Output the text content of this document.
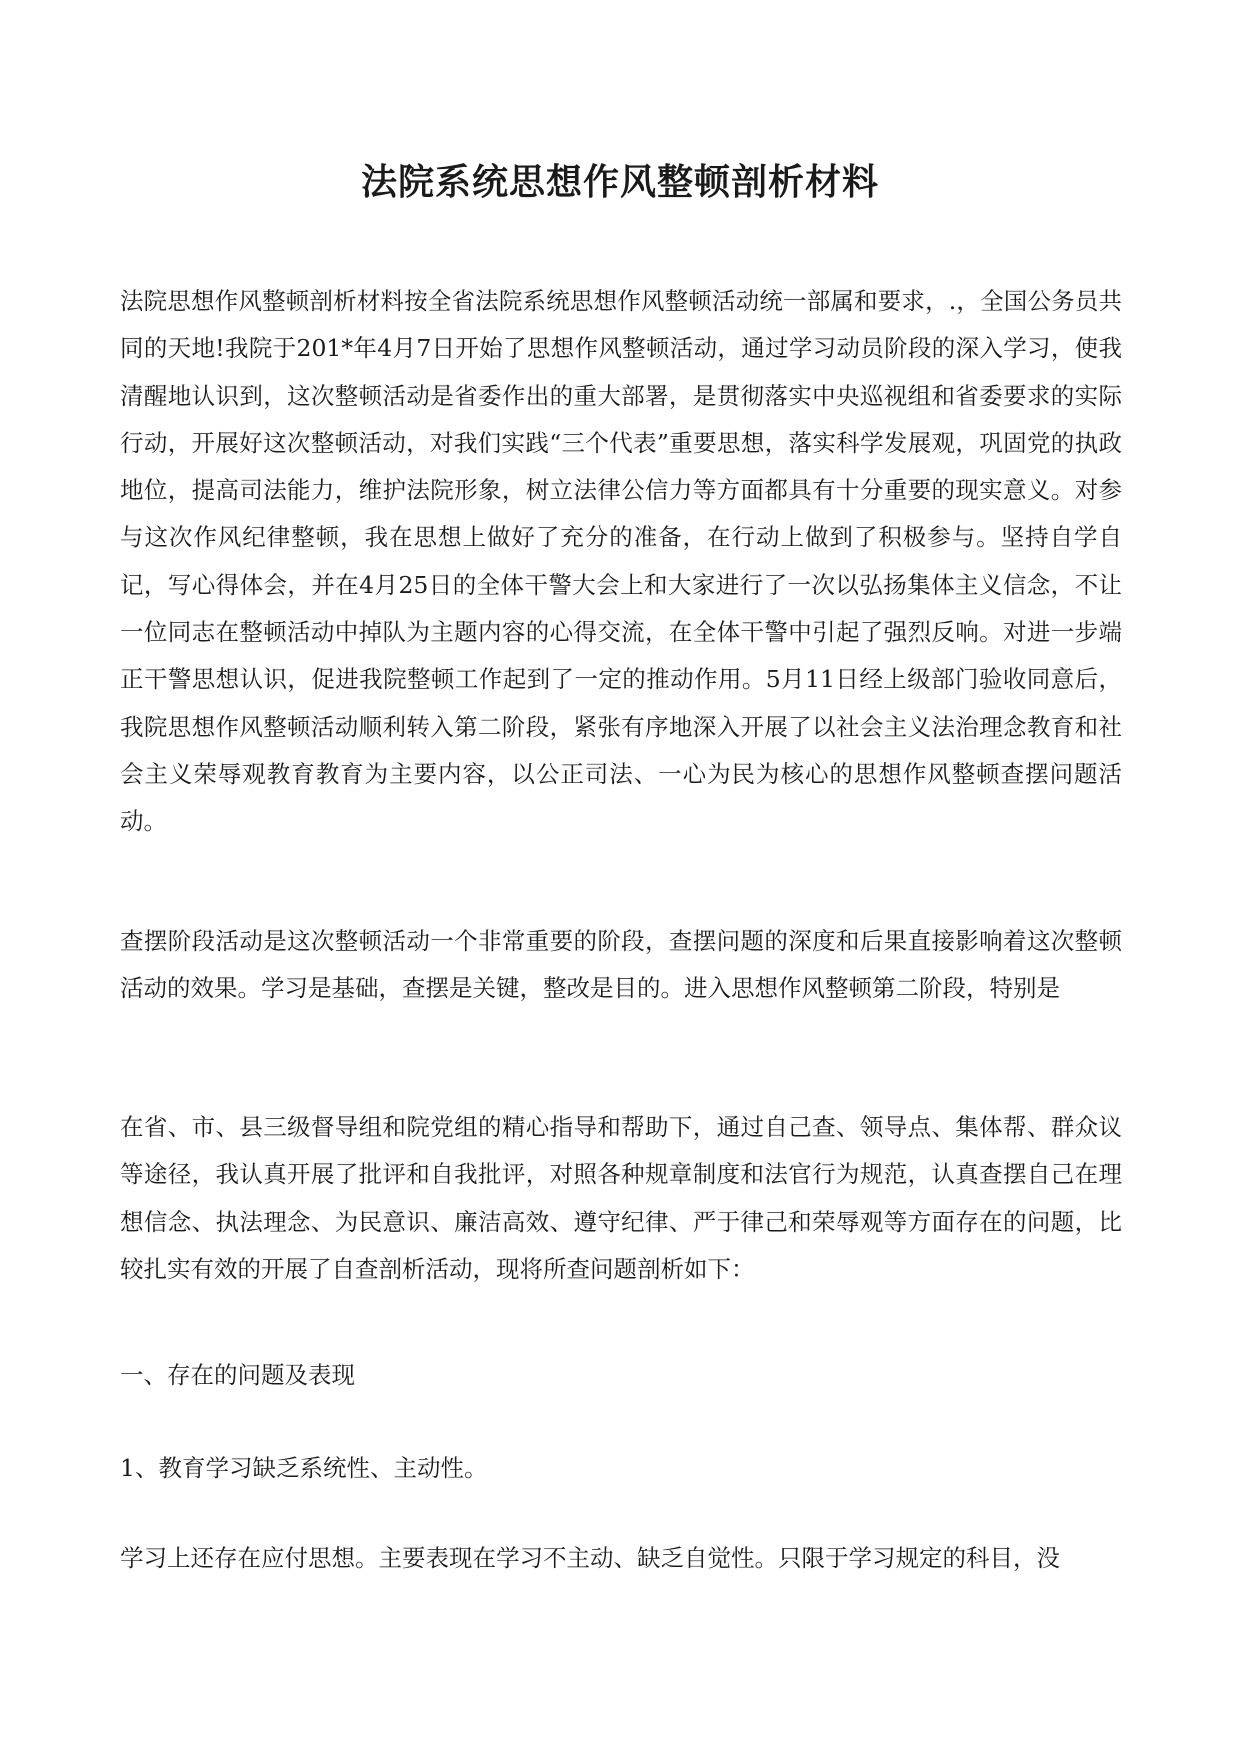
法院系统思想作风整顿剖析材料

法院思想作风整顿剖析材料按全省法院系统思想作风整顿活动统一部属和要求，.，全国公务员共同的天地!我院于201*年4月7日开始了思想作风整顿活动，通过学习动员阶段的深入学习，使我清醒地认识到，这次整顿活动是省委作出的重大部署，是贯彻落实中央巡视组和省委要求的实际行动，开展好这次整顿活动，对我们实践“三个代表”重要思想，落实科学发展观，巩固党的执政地位，提高司法能力，维护法院形象，树立法律公信力等方面都具有十分重要的现实意义。对参与这次作风纪律整顿，我在思想上做好了充分的准备，在行动上做到了积极参与。坚持自学自记，写心得体会，并在4月25日的全体干警大会上和大家进行了一次以弘扬集体主义信念，不让一位同志在整顿活动中掉队为主题内容的心得交流，在全体干警中引起了强烈反响。对进一步端正干警思想认识，促进我院整顿工作起到了一定的推动作用。5月11日经上级部门验收同意后，我院思想作风整顿活动顺利转入第二阶段，紧张有序地深入开展了以社会主义法治理念教育和社会主义荣辱观教育教育为主要内容，以公正司法、一心为民为核心的思想作风整顿查摆问题活动。

查摆阶段活动是这次整顿活动一个非常重要的阶段，查摆问题的深度和后果直接影响着这次整顿活动的效果。学习是基础，查摆是关键，整改是目的。进入思想作风整顿第二阶段，特别是

在省、市、县三级督导组和院党组的精心指导和帮助下，通过自己查、领导点、集体帮、群众议等途径，我认真开展了批评和自我批评，对照各种规章制度和法官行为规范，认真查摆自己在理想信念、执法理念、为民意识、廉洁高效、遵守纪律、严于律己和荣辱观等方面存在的问题，比较扎实有效的开展了自查剖析活动，现将所查问题剖析如下：

一、存在的问题及表现

1、教育学习缺乏系统性、主动性。

学习上还存在应付思想。主要表现在学习不主动、缺乏自觉性。只限于学习规定的科目，没
